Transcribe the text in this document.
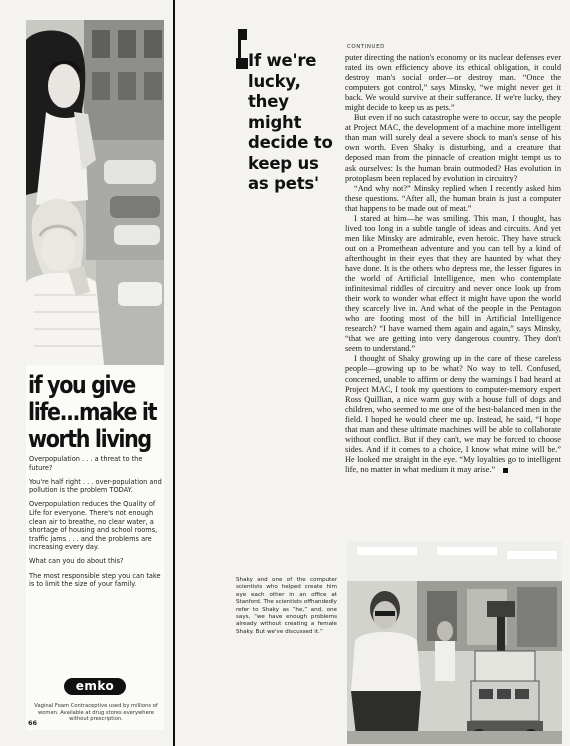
if you give
life...make it
worth living

Overpopulation . . . a threat to the future?

You're half right . . . over-population and pollution is the problem TODAY.

Overpopulation reduces the Quality of Life for everyone. There's not enough clean air to breathe, no clear water, a shortage of housing and school rooms, traffic jams . . . and the problems are increasing every day.

What can you do about this?

The most responsible step you can take is to limit the size of your family.

emko
Vaginal Foam Contraceptive used by millions of women. Available at drug stores everywhere without prescription.
66
If we're lucky, they might decide to keep us as pets'
CONTINUED

puter directing the nation's economy or its nuclear defenses ever rated its own efficiency above its ethical obligation, it could destroy man's social order—or destroy man. “Once the computers got control,” says Minsky, “we might never get it back. We would survive at their sufferance. If we're lucky, they might decide to keep us as pets.”

But even if no such catastrophe were to occur, say the people at Project MAC, the development of a machine more intelligent than man will surely deal a severe shock to man's sense of his own worth. Even Shaky is disturbing, and a creature that deposed man from the pinnacle of creation might tempt us to ask ourselves: Is the human brain outmoded? Has evolution in protoplasm been replaced by evolution in circuitry?

“And why not?” Minsky replied when I recently asked him these questions. “After all, the human brain is just a computer that happens to be made out of meat.”

I stared at him—he was smiling. This man, I thought, has lived too long in a subtle tangle of ideas and circuits. And yet men like Minsky are admirable, even heroic. They have struck out on a Promethean adventure and you can tell by a kind of afterthought in their eyes that they are haunted by what they have done. It is the others who depress me, the lesser figures in the world of Artificial Intelligence, men who contemplate infinitesimal riddles of circuitry and never once look up from their work to wonder what effect it might have upon the world they scarcely live in. And what of the people in the Pentagon who are footing most of the bill in Artificial Intelligence research? “I have warned them again and again,” says Minsky, “that we are getting into very dangerous country. They don't seem to understand.”

I thought of Shaky growing up in the care of these careless people—growing up to be what? No way to tell. Confused, concerned, unable to affirm or deny the warnings I had heard at Project MAC, I took my questions to computer-memory expert Ross Quillian, a nice warm guy with a house full of dogs and children, who seemed to me one of the best-balanced men in the field. I hoped he would cheer me up. Instead, he said, “I hope that man and these ultimate machines will be able to collaborate without conflict. But if they can't, we may be forced to choose sides. And if it comes to a choice, I know what mine will be.” He looked me straight in the eye. “My loyalties go to intelligent life, no matter in what medium it may arise.”

Shaky and one of the computer scientists who helped create him eye each other in an office at Stanford. The scientists offhandedly refer to Shaky as “he,” and, one says, “we have enough problems already without creating a female Shaky. But we've discussed it.”
